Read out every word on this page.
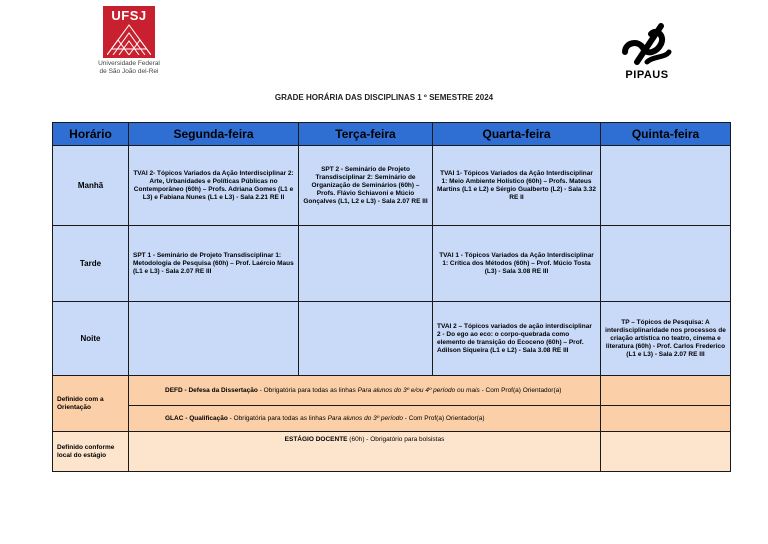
UFSJ
Universidade Federal
de São João del-Rei	PIPAUS
GRADE HORÁRIA DAS DISCIPLINAS 1 º SEMESTRE 2024
Horário	Segunda-feira	Terça-feira	Quarta-feira	Quinta-feira
Manhã	TVAI 2- Tópicos Variados da Ação Interdisciplinar 2: Arte, Urbanidades e Políticas Públicas no Contemporâneo (60h) – Profs. Adriana Gomes (L1 e L3) e Fabiana Nunes (L1 e L3) - Sala 2.21 RE II	SPT 2 - Seminário de Projeto Transdisciplinar 2: Seminário de Organização de Seminários (60h) – Profs. Flávio Schiavoni e Múcio Gonçalves (L1, L2 e L3) - Sala 2.07 RE III	TVAI 1- Tópicos Variados da Ação Interdisciplinar 1: Meio Ambiente Holístico (60h) – Profs. Mateus Martins (L1 e L2) e Sérgio Gualberto (L2) - Sala 3.32 RE II	
Tarde	SPT 1 - Seminário de Projeto Transdisciplinar 1: Metodologia de Pesquisa (60h) – Prof. Laércio Maus (L1 e L3) - Sala 2.07 RE III		TVAI 1 - Tópicos Variados da Ação Interdisciplinar 1: Crítica dos Métodos (60h) – Prof. Múcio Tosta (L3) - Sala 3.08 RE III	
Noite			TVAI 2 – Tópicos variados de ação interdisciplinar 2 - Do ego ao eco: o corpo-quebrada como elemento de transição do Ecoceno (60h) – Prof. Adilson Siqueira (L1 e L2) - Sala 3.08 RE III	TP – Tópicos de Pesquisa: A interdisciplinaridade nos processos de criação artística no teatro, cinema e literatura (60h) - Prof. Carlos Frederico (L1 e L3) - Sala 2.07 RE III
Definido com a Orientação	DEFD - Defesa da Dissertação - Obrigatória para todas as linhas Para alunos do 3º e/ou 4º período ou mais - Com Prof(a) Orientador(a)			
	GLAC - Qualificação - Obrigatória para todas as linhas Para alunos do 3º período - Com Prof(a) Orientador(a)			
Definido conforme local do estágio	ESTÁGIO DOCENTE (60h) - Obrigatório para bolsistas			
